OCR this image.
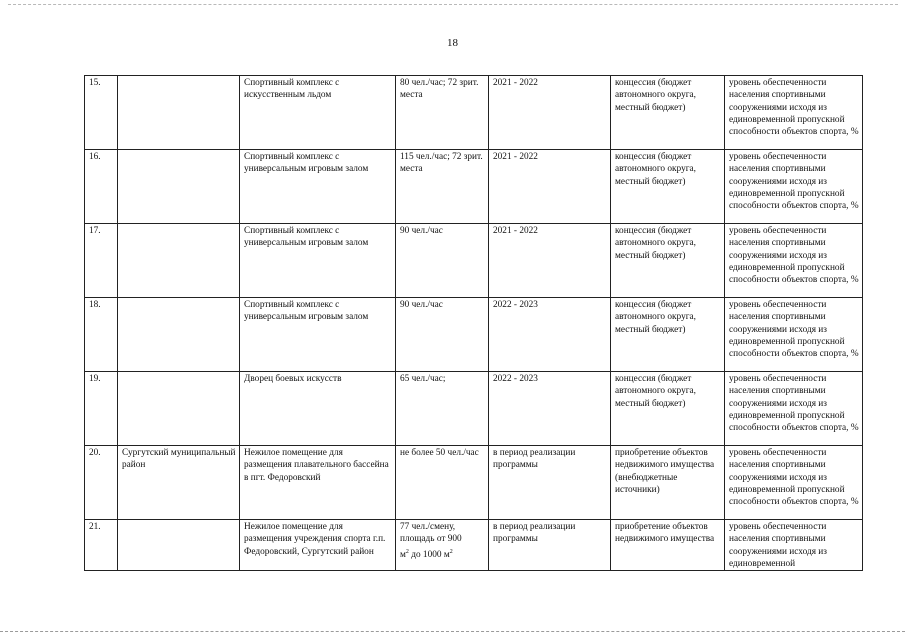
18
15.		Спортивный комплекс с искусственным льдом	80 чел./час; 72 зрит. места	2021 - 2022	концессия (бюджет автономного округа, местный бюджет)	уровень обеспеченности населения спортивными сооружениями исходя из единовременной пропускной способности объектов спорта, %
16.		Спортивный комплекс с универсальным игровым залом	115 чел./час; 72 зрит. места	2021 - 2022	концессия (бюджет автономного округа, местный бюджет)	уровень обеспеченности населения спортивными сооружениями исходя из единовременной пропускной способности объектов спорта, %
17.		Спортивный комплекс с универсальным игровым залом	90 чел./час	2021 - 2022	концессия (бюджет автономного округа, местный бюджет)	уровень обеспеченности населения спортивными сооружениями исходя из единовременной пропускной способности объектов спорта, %
18.		Спортивный комплекс с универсальным игровым залом	90 чел./час	2022 - 2023	концессия (бюджет автономного округа, местный бюджет)	уровень обеспеченности населения спортивными сооружениями исходя из единовременной пропускной способности объектов спорта, %
19.		Дворец боевых искусств	65 чел./час;	2022 - 2023	концессия (бюджет автономного округа, местный бюджет)	уровень обеспеченности населения спортивными сооружениями исходя из единовременной пропускной способности объектов спорта, %
20.	Сургутский муниципальный район	Нежилое помещение для размещения плавательного бассейна в пгт. Федоровский	не более 50 чел./час	в период реализации программы	приобретение объектов недвижимого имущества (внебюджетные источники)	уровень обеспеченности населения спортивными сооружениями исходя из единовременной пропускной способности объектов спорта, %
21.		Нежилое помещение для размещения учреждения спорта г.п. Федоровский, Сургутский район	77 чел./смену,
площадь от 900
$м^2$ до 1000 $м^2$	в период реализации программы	приобретение объектов недвижимого имущества	уровень обеспеченности населения спортивными сооружениями исходя из единовременной
